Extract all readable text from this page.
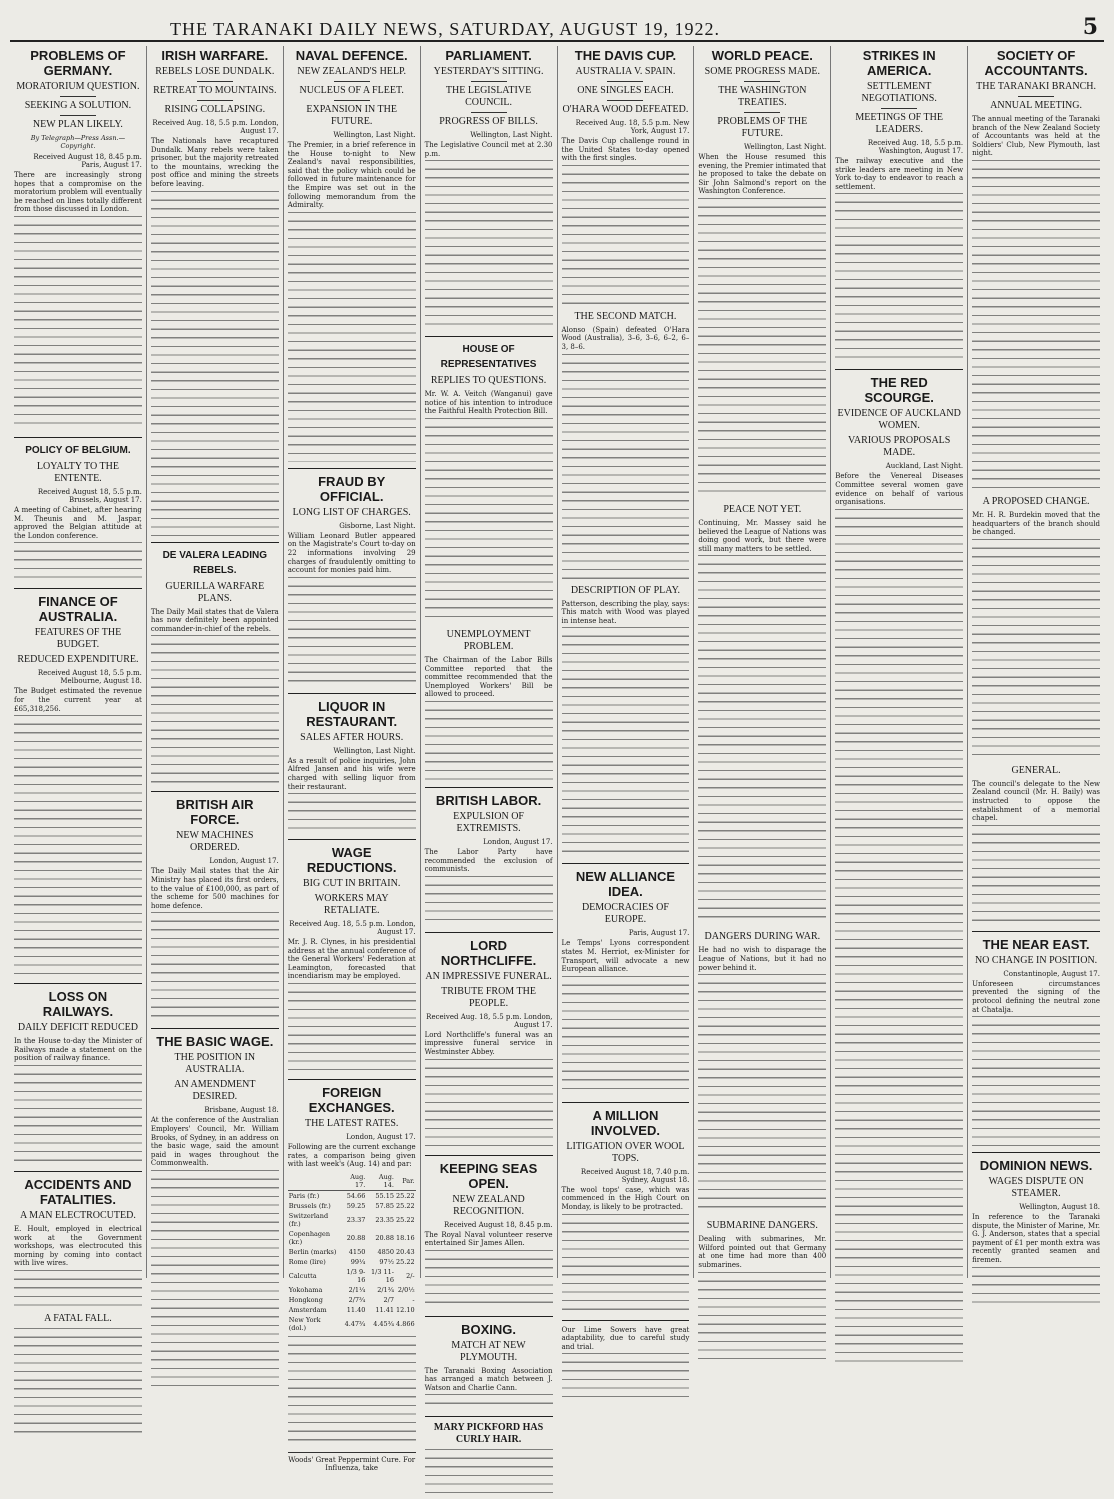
THE TARANAKI DAILY NEWS, SATURDAY, AUGUST 19, 1922.	5
PROBLEMS OF GERMANY.
MORATORIUM QUESTION.
SEEKING A SOLUTION.
NEW PLAN LIKELY.
By Telegraph—Press Assn.—Copyright.
Received August 18, 8.45 p.m. Paris, August 17.

There are increasingly strong hopes that a compromise on the moratorium problem will eventually be reached on lines totally different from those discussed in London.

POLICY OF BELGIUM.
LOYALTY TO THE ENTENTE.
Received August 18, 5.5 p.m. Brussels, August 17.

A meeting of Cabinet, after hearing M. Theunis and M. Jaspar, approved the Belgian attitude at the London conference.

FINANCE OF AUSTRALIA.
FEATURES OF THE BUDGET.
REDUCED EXPENDITURE.
Received August 18, 5.5 p.m. Melbourne, August 18.

The Budget estimated the revenue for the current year at £65,318,256.

LOSS ON RAILWAYS.
DAILY DEFICIT REDUCED

In the House to-day the Minister of Railways made a statement on the position of railway finance.

ACCIDENTS AND FATALITIES.
A MAN ELECTROCUTED.

E. Hoult, employed in electrical work at the Government workshops, was electrocuted this morning by coming into contact with live wires.

A FATAL FALL.
IRISH WARFARE.
REBELS LOSE DUNDALK.
RETREAT TO MOUNTAINS.
RISING COLLAPSING.
Received Aug. 18, 5.5 p.m. London, August 17.

The Nationals have recaptured Dundalk. Many rebels were taken prisoner, but the majority retreated to the mountains, wrecking the post office and mining the streets before leaving.

DE VALERA LEADING REBELS.
GUERILLA WARFARE PLANS.

The Daily Mail states that de Valera has now definitely been appointed commander-in-chief of the rebels.

BRITISH AIR FORCE.
NEW MACHINES ORDERED.
London, August 17.

The Daily Mail states that the Air Ministry has placed its first orders, to the value of £100,000, as part of the scheme for 500 machines for home defence.

THE BASIC WAGE.
THE POSITION IN AUSTRALIA.
AN AMENDMENT DESIRED.
Brisbane, August 18.

At the conference of the Australian Employers' Council, Mr. William Brooks, of Sydney, in an address on the basic wage, said the amount paid in wages throughout the Commonwealth.

NAVAL DEFENCE.
NEW ZEALAND'S HELP.
NUCLEUS OF A FLEET.
EXPANSION IN THE FUTURE.
Wellington, Last Night.

The Premier, in a brief reference in the House to-night to New Zealand's naval responsibilities, said that the policy which could be followed in future maintenance for the Empire was set out in the following memorandum from the Admiralty.

FRAUD BY OFFICIAL.
LONG LIST OF CHARGES.
Gisborne, Last Night.

William Leonard Butler appeared on the Magistrate's Court to-day on 22 informations involving 29 charges of fraudulently omitting to account for monies paid him.

LIQUOR IN RESTAURANT.
SALES AFTER HOURS.
Wellington, Last Night.

As a result of police inquiries, John Alfred Jansen and his wife were charged with selling liquor from their restaurant.

WAGE REDUCTIONS.
BIG CUT IN BRITAIN.
WORKERS MAY RETALIATE.
Received Aug. 18, 5.5 p.m. London, August 17.

Mr. J. R. Clynes, in his presidential address at the annual conference of the General Workers' Federation at Leamington, forecasted that incendiarism may be employed.

FOREIGN EXCHANGES.
THE LATEST RATES.
London, August 17.

Following are the current exchange rates, a comparison being given with last week's (Aug. 14) and par:

	Aug. 17.	Aug. 14.	Par.
Paris (fr.)	54.66	55.15	25.22
Brussels (fr.)	59.25	57.85	25.22
Switzerland (fr.)	23.37	23.35	25.22
Copenhagen (kr.)	20.88	20.88	18.16
Berlin (marks)	4150	4850	20.43
Rome (lire)	99¼	97½	25.22
Calcutta	1/3 9-16	1/3 11-16	2/-
Yokohama	2/1¼	2/1¾	2/0½
Hongkong	2/7¾	2/7	-
Amsterdam	11.40	11.41	12.10
New York (dol.)	4.47¾	4.45¾	4.866
Woods' Great Peppermint Cure. For Influenza, take
PARLIAMENT.
YESTERDAY'S SITTING.
THE LEGISLATIVE COUNCIL.
PROGRESS OF BILLS.
Wellington, Last Night.

The Legislative Council met at 2.30 p.m.

HOUSE OF REPRESENTATIVES
REPLIES TO QUESTIONS.

Mr. W. A. Veitch (Wanganui) gave notice of his intention to introduce the Faithful Health Protection Bill.

UNEMPLOYMENT PROBLEM.

The Chairman of the Labor Bills Committee reported that the committee recommended that the Unemployed Workers' Bill be allowed to proceed.

BRITISH LABOR.
EXPULSION OF EXTREMISTS.
London, August 17.

The Labor Party have recommended the exclusion of communists.

LORD NORTHCLIFFE.
AN IMPRESSIVE FUNERAL.
TRIBUTE FROM THE PEOPLE.
Received Aug. 18, 5.5 p.m. London, August 17.

Lord Northcliffe's funeral was an impressive funeral service in Westminster Abbey.

KEEPING SEAS OPEN.
NEW ZEALAND RECOGNITION.
Received August 18, 8.45 p.m.

The Royal Naval volunteer reserve entertained Sir James Allen.

BOXING.
MATCH AT NEW PLYMOUTH.

The Taranaki Boxing Association has arranged a match between J. Watson and Charlie Cann.

MARY PICKFORD HAS CURLY HAIR.
THE DAVIS CUP.
AUSTRALIA V. SPAIN.
ONE SINGLES EACH.
O'HARA WOOD DEFEATED.
Received Aug. 18, 5.5 p.m. New York, August 17.

The Davis Cup challenge round in the United States to-day opened with the first singles.

THE SECOND MATCH.

Alonso (Spain) defeated O'Hara Wood (Australia), 3–6, 3–6, 6–2, 6–3, 8–6.

DESCRIPTION OF PLAY.

Patterson, describing the play, says: This match with Wood was played in intense heat.

NEW ALLIANCE IDEA.
DEMOCRACIES OF EUROPE.
Paris, August 17.

Le Temps' Lyons correspondent states M. Herriot, ex-Minister for Transport, will advocate a new European alliance.

A MILLION INVOLVED.
LITIGATION OVER WOOL TOPS.
Received August 18, 7.40 p.m. Sydney, August 18.

The wool tops' case, which was commenced in the High Court on Monday, is likely to be protracted.

Our Lime Sowers have great adaptability, due to careful study and trial.

WORLD PEACE.
SOME PROGRESS MADE.
THE WASHINGTON TREATIES.
PROBLEMS OF THE FUTURE.
Wellington, Last Night.

When the House resumed this evening, the Premier intimated that he proposed to take the debate on Sir John Salmond's report on the Washington Conference.

PEACE NOT YET.

Continuing, Mr. Massey said he believed the League of Nations was doing good work, but there were still many matters to be settled.

DANGERS DURING WAR.

He had no wish to disparage the League of Nations, but it had no power behind it.

SUBMARINE DANGERS.

Dealing with submarines, Mr. Wilford pointed out that Germany at one time had more than 400 submarines.

STRIKES IN AMERICA.
SETTLEMENT NEGOTIATIONS.
MEETINGS OF THE LEADERS.
Received Aug. 18, 5.5 p.m. Washington, August 17.

The railway executive and the strike leaders are meeting in New York to-day to endeavor to reach a settlement.

THE RED SCOURGE.
EVIDENCE OF AUCKLAND WOMEN.
VARIOUS PROPOSALS MADE.
Auckland, Last Night.

Before the Venereal Diseases Committee several women gave evidence on behalf of various organisations.

SOCIETY OF ACCOUNTANTS.
THE TARANAKI BRANCH.
ANNUAL MEETING.

The annual meeting of the Taranaki branch of the New Zealand Society of Accountants was held at the Soldiers' Club, New Plymouth, last night.

A PROPOSED CHANGE.

Mr. H. R. Burdekin moved that the headquarters of the branch should be changed.

GENERAL.

The council's delegate to the New Zealand council (Mr. H. Baily) was instructed to oppose the establishment of a memorial chapel.

THE NEAR EAST.
NO CHANGE IN POSITION.
Constantinople, August 17.

Unforeseen circumstances prevented the signing of the protocol defining the neutral zone at Chatalja.

DOMINION NEWS.
WAGES DISPUTE ON STEAMER.
Wellington, August 18.

In reference to the Taranaki dispute, the Minister of Marine, Mr. G. J. Anderson, states that a special payment of £1 per month extra was recently granted seamen and firemen.
